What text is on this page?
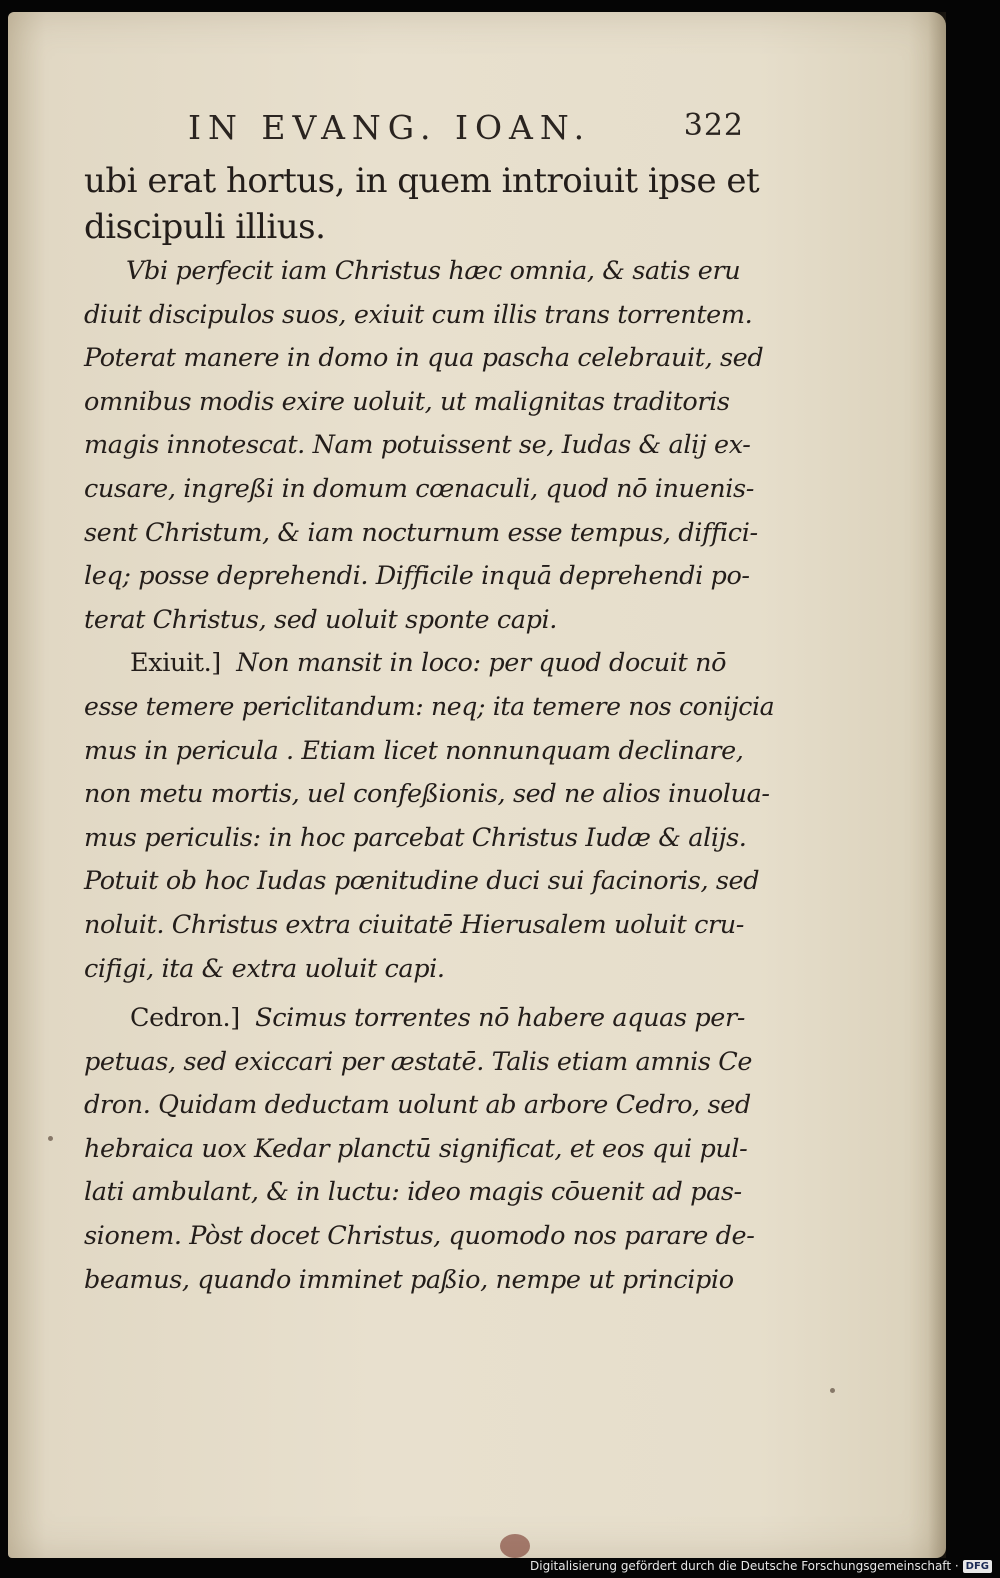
IN EVANG. IOAN.	322
ubi erat hortus, in quem introiuit ipse et
discipuli illius.
Vbi perfecit iam Christus hæc omnia, & satis eru
diuit discipulos suos, exiuit cum illis trans torrentem.
Poterat manere in domo in qua pascha celebrauit, sed
omnibus modis exire uoluit, ut malignitas traditoris
magis innotescat. Nam potuissent se, Iudas & alij ex-
cusare, ingreßi in domum cœnaculi, quod nō inuenis-
sent Christum, & iam nocturnum esse tempus, diffici-
leq; posse deprehendi. Difficile inquā deprehendi po-
terat Christus, sed uoluit sponte capi.
Exiuit.] Non mansit in loco: per quod docuit nō
esse temere periclitandum: neq; ita temere nos conijcia
mus in pericula . Etiam licet nonnunquam declinare,
non metu mortis, uel confeßionis, sed ne alios inuolua-
mus periculis: in hoc parcebat Christus Iudæ & alijs.
Potuit ob hoc Iudas pœnitudine duci sui facinoris, sed
noluit. Christus extra ciuitatē Hierusalem uoluit cru-
cifigi, ita & extra uoluit capi.
Cedron.] Scimus torrentes nō habere aquas per-
petuas, sed exiccari per æstatē. Talis etiam amnis Ce
dron. Quidam deductam uolunt ab arbore Cedro, sed
hebraica uox Kedar planctū significat, et eos qui pul-
lati ambulant, & in luctu: ideo magis cōuenit ad pas-
sionem. Pòst docet Christus, quomodo nos parare de-
beamus, quando imminet paßio, nempe ut principio
Digitalisierung gefördert durch die Deutsche Forschungsgemeinschaft · DFG
